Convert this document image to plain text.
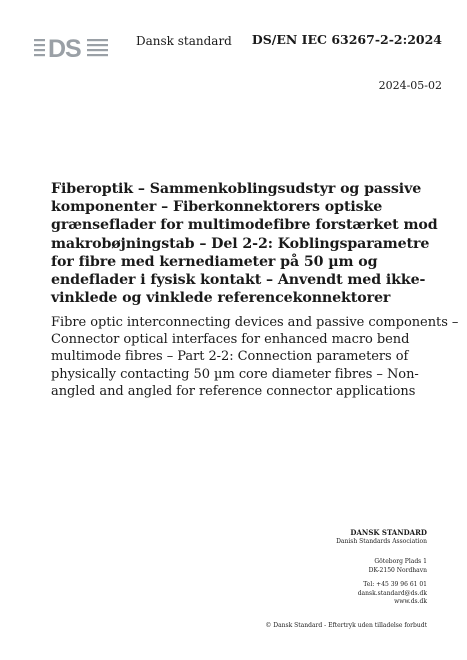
DS	Dansk standard DS/EN IEC 63267-2-2:2024
2024-05-02
Fiberoptik – Sammenkoblingsudstyr og passive
komponenter – Fiberkonnektorers optiske
grænseflader for multimodefibre forstærket mod
makrobøjningstab – Del 2-2: Koblingsparametre
for fibre med kernediameter på 50 µm og
endeflader i fysisk kontakt – Anvendt med ikke-
vinklede og vinklede referencekonnektorer
Fibre optic interconnecting devices and passive components –
Connector optical interfaces for enhanced macro bend
multimode fibres – Part 2-2: Connection parameters of
physically contacting 50 µm core diameter fibres – Non-
angled and angled for reference connector applications
DANSK STANDARD
Danish Standards Association
Göteborg Plads 1
DK-2150 Nordhavn
Tel: +45 39 96 61 01
dansk.standard@ds.dk
www.ds.dk
© Dansk Standard - Eftertryk uden tilladelse forbudt
